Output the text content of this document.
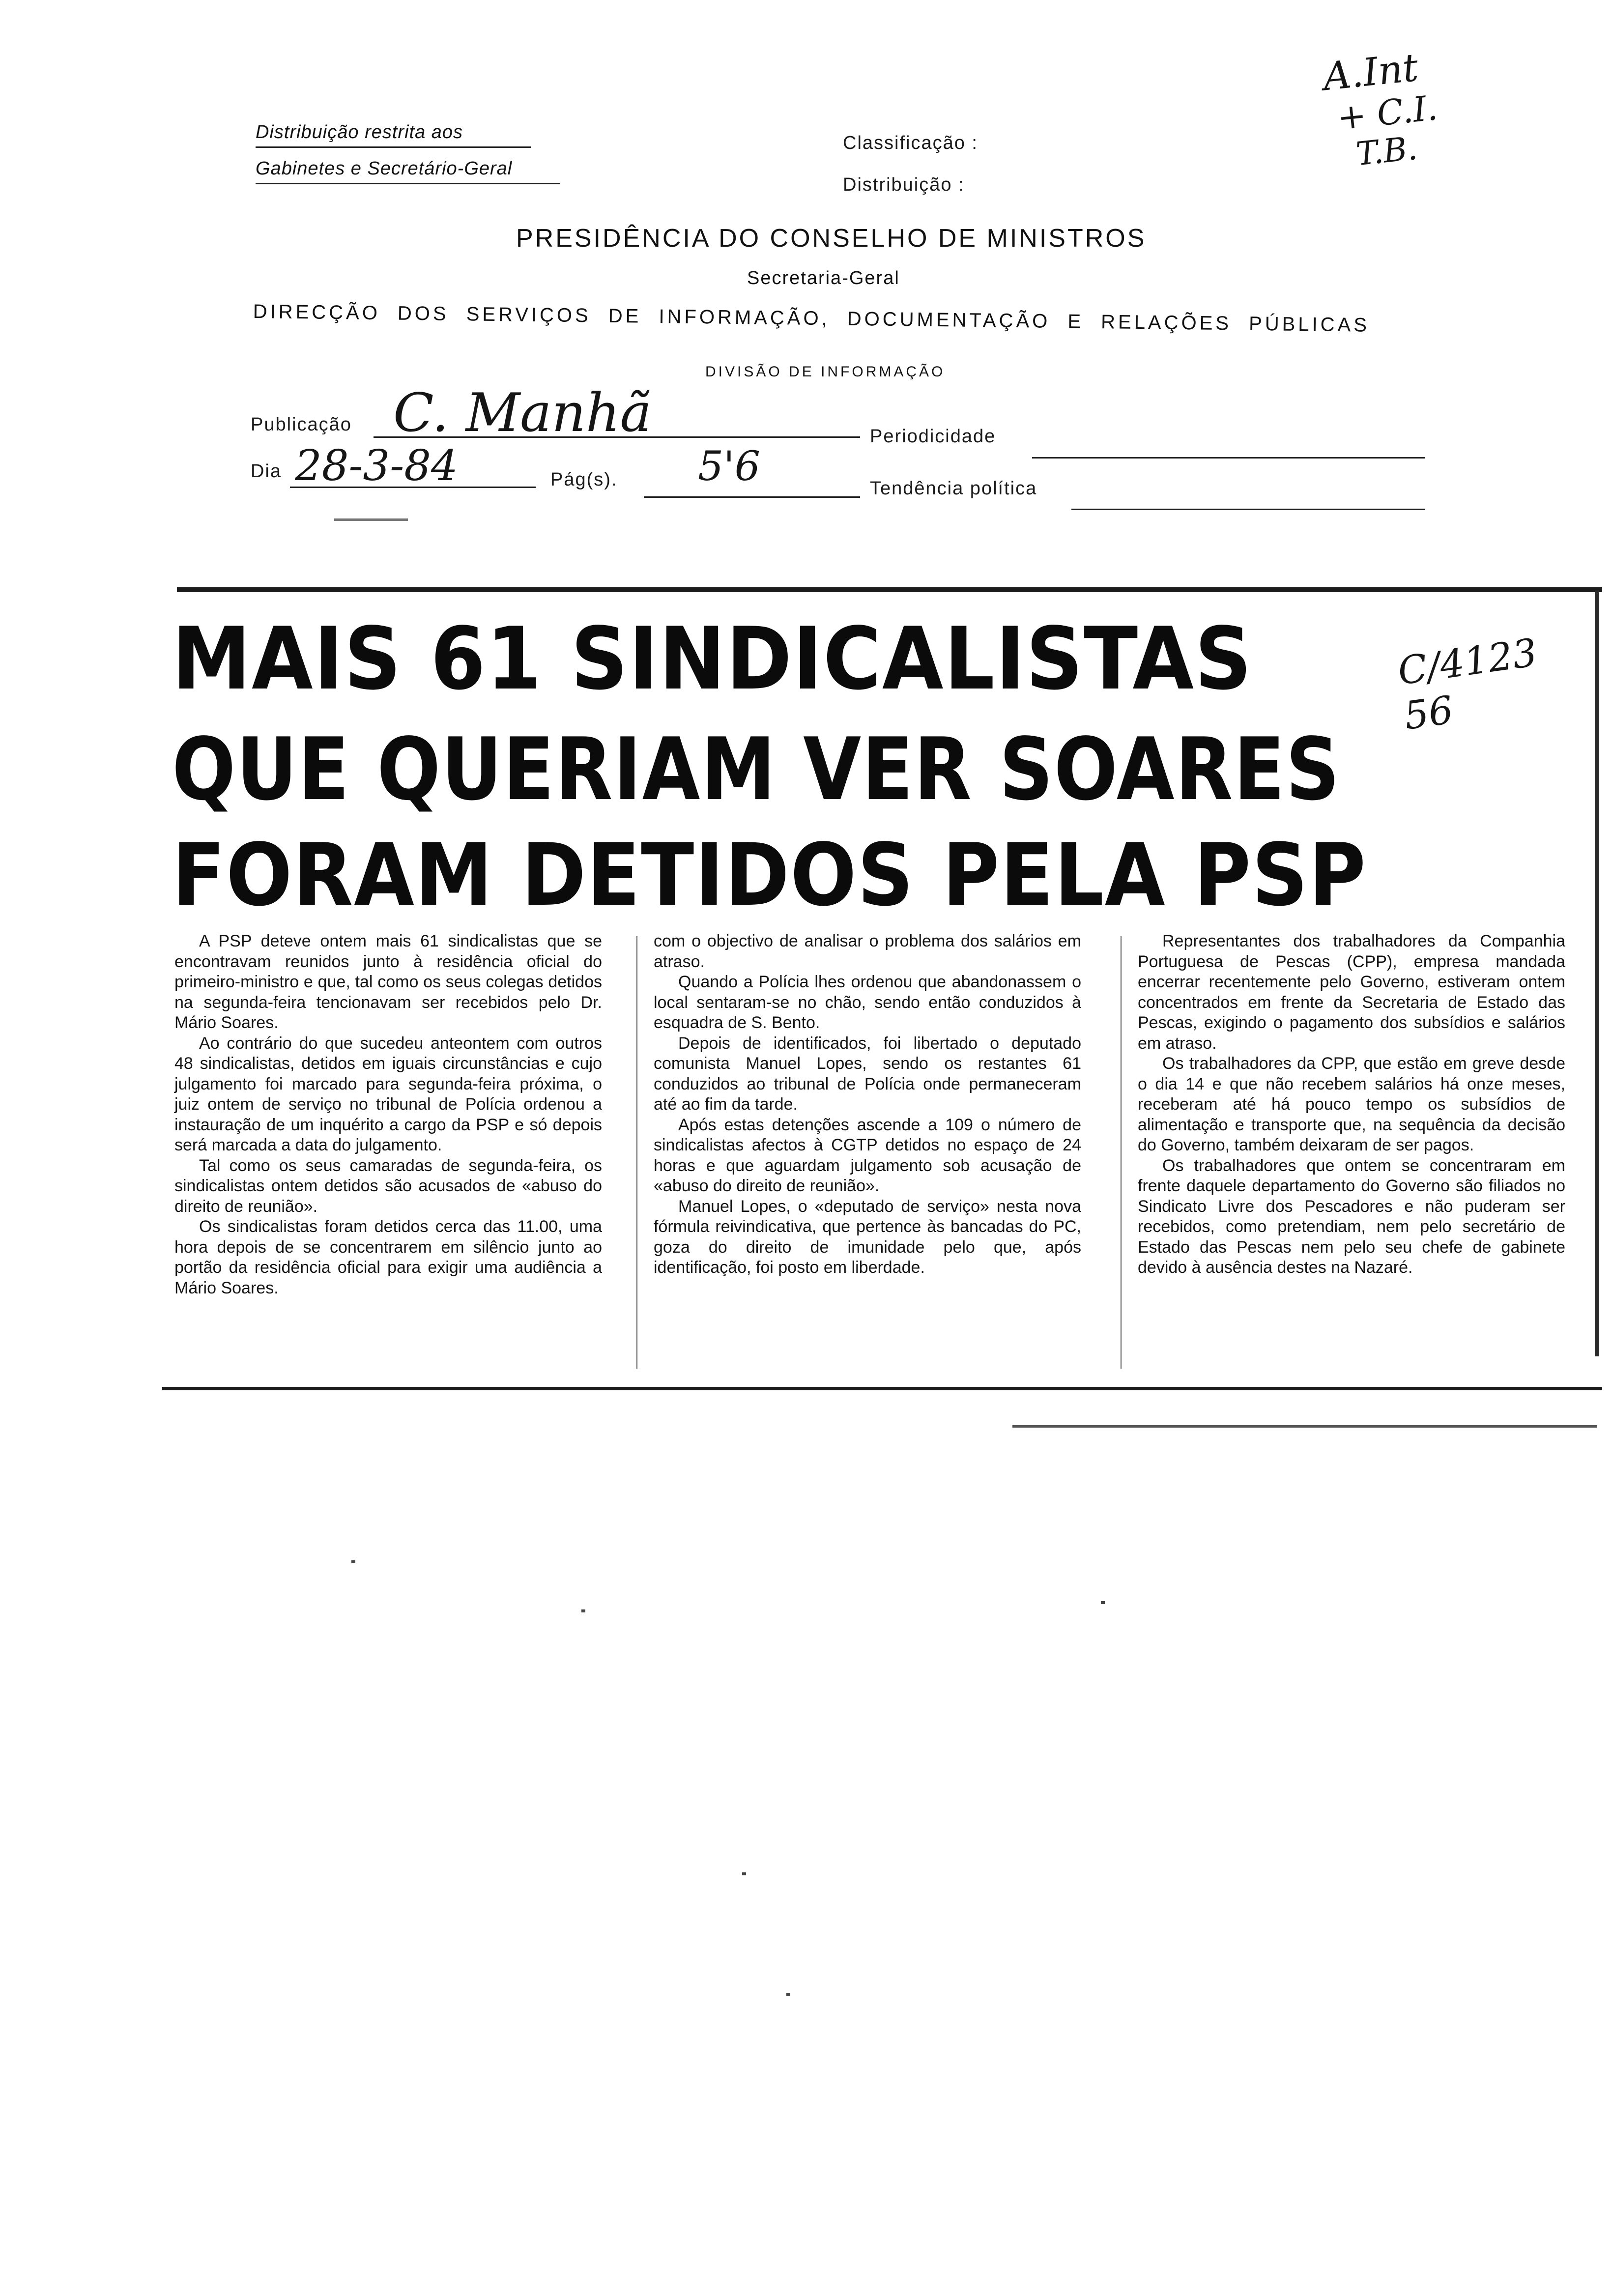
A.Int
+ C.I.
T.B.
Distribuição restrita aos
Gabinetes e Secretário-Geral
Classificação :
Distribuição :
PRESIDÊNCIA DO CONSELHO DE MINISTROS
Secretaria-Geral
DIRECÇÃO DOS SERVIÇOS DE INFORMAÇÃO, DOCUMENTAÇÃO E RELAÇÕES PÚBLICAS
DIVISÃO DE INFORMAÇÃO
Publicação C. Manhã	Periodicidade
Dia 28-3-84	Pág(s). 5'6	Tendência política
MAIS 61 SINDICALISTAS
QUE QUERIAM VER SOARES
FORAM DETIDOS PELA PSP
C/4123 56

A PSP deteve ontem mais 61 sindicalistas que se encontravam reunidos junto à residência oficial do primeiro-ministro e que, tal como os seus colegas detidos na segunda-feira tencionavam ser recebidos pelo Dr. Mário Soares.

Ao contrário do que sucedeu anteontem com outros 48 sindicalistas, detidos em iguais circunstâncias e cujo julgamento foi marcado para segunda-feira próxima, o juiz ontem de serviço no tribunal de Polícia ordenou a instauração de um inquérito a cargo da PSP e só depois será marcada a data do julgamento.

Tal como os seus camaradas de segunda-feira, os sindicalistas ontem detidos são acusados de «abuso do direito de reunião».

Os sindicalistas foram detidos cerca das 11.00, uma hora depois de se concentrarem em silêncio junto ao portão da residência oficial para exigir uma audiência a Mário Soares.

com o objectivo de analisar o problema dos salários em atraso.

Quando a Polícia lhes ordenou que abandonassem o local sentaram-se no chão, sendo então conduzidos à esquadra de S. Bento.

Depois de identificados, foi libertado o deputado comunista Manuel Lopes, sendo os restantes 61 conduzidos ao tribunal de Polícia onde permaneceram até ao fim da tarde.

Após estas detenções ascende a 109 o número de sindicalistas afectos à CGTP detidos no espaço de 24 horas e que aguardam julgamento sob acusação de «abuso do direito de reunião».

Manuel Lopes, o «deputado de serviço» nesta nova fórmula reivindicativa, que pertence às bancadas do PC, goza do direito de imunidade pelo que, após identificação, foi posto em liberdade.

Representantes dos trabalhadores da Companhia Portuguesa de Pescas (CPP), empresa mandada encerrar recentemente pelo Governo, estiveram ontem concentrados em frente da Secretaria de Estado das Pescas, exigindo o pagamento dos subsídios e salários em atraso.

Os trabalhadores da CPP, que estão em greve desde o dia 14 e que não recebem salários há onze meses, receberam até há pouco tempo os subsídios de alimentação e transporte que, na sequência da decisão do Governo, também deixaram de ser pagos.

Os trabalhadores que ontem se concentraram em frente daquele departamento do Governo são filiados no Sindicato Livre dos Pescadores e não puderam ser recebidos, como pretendiam, nem pelo secretário de Estado das Pescas nem pelo seu chefe de gabinete devido à ausência destes na Nazaré.
